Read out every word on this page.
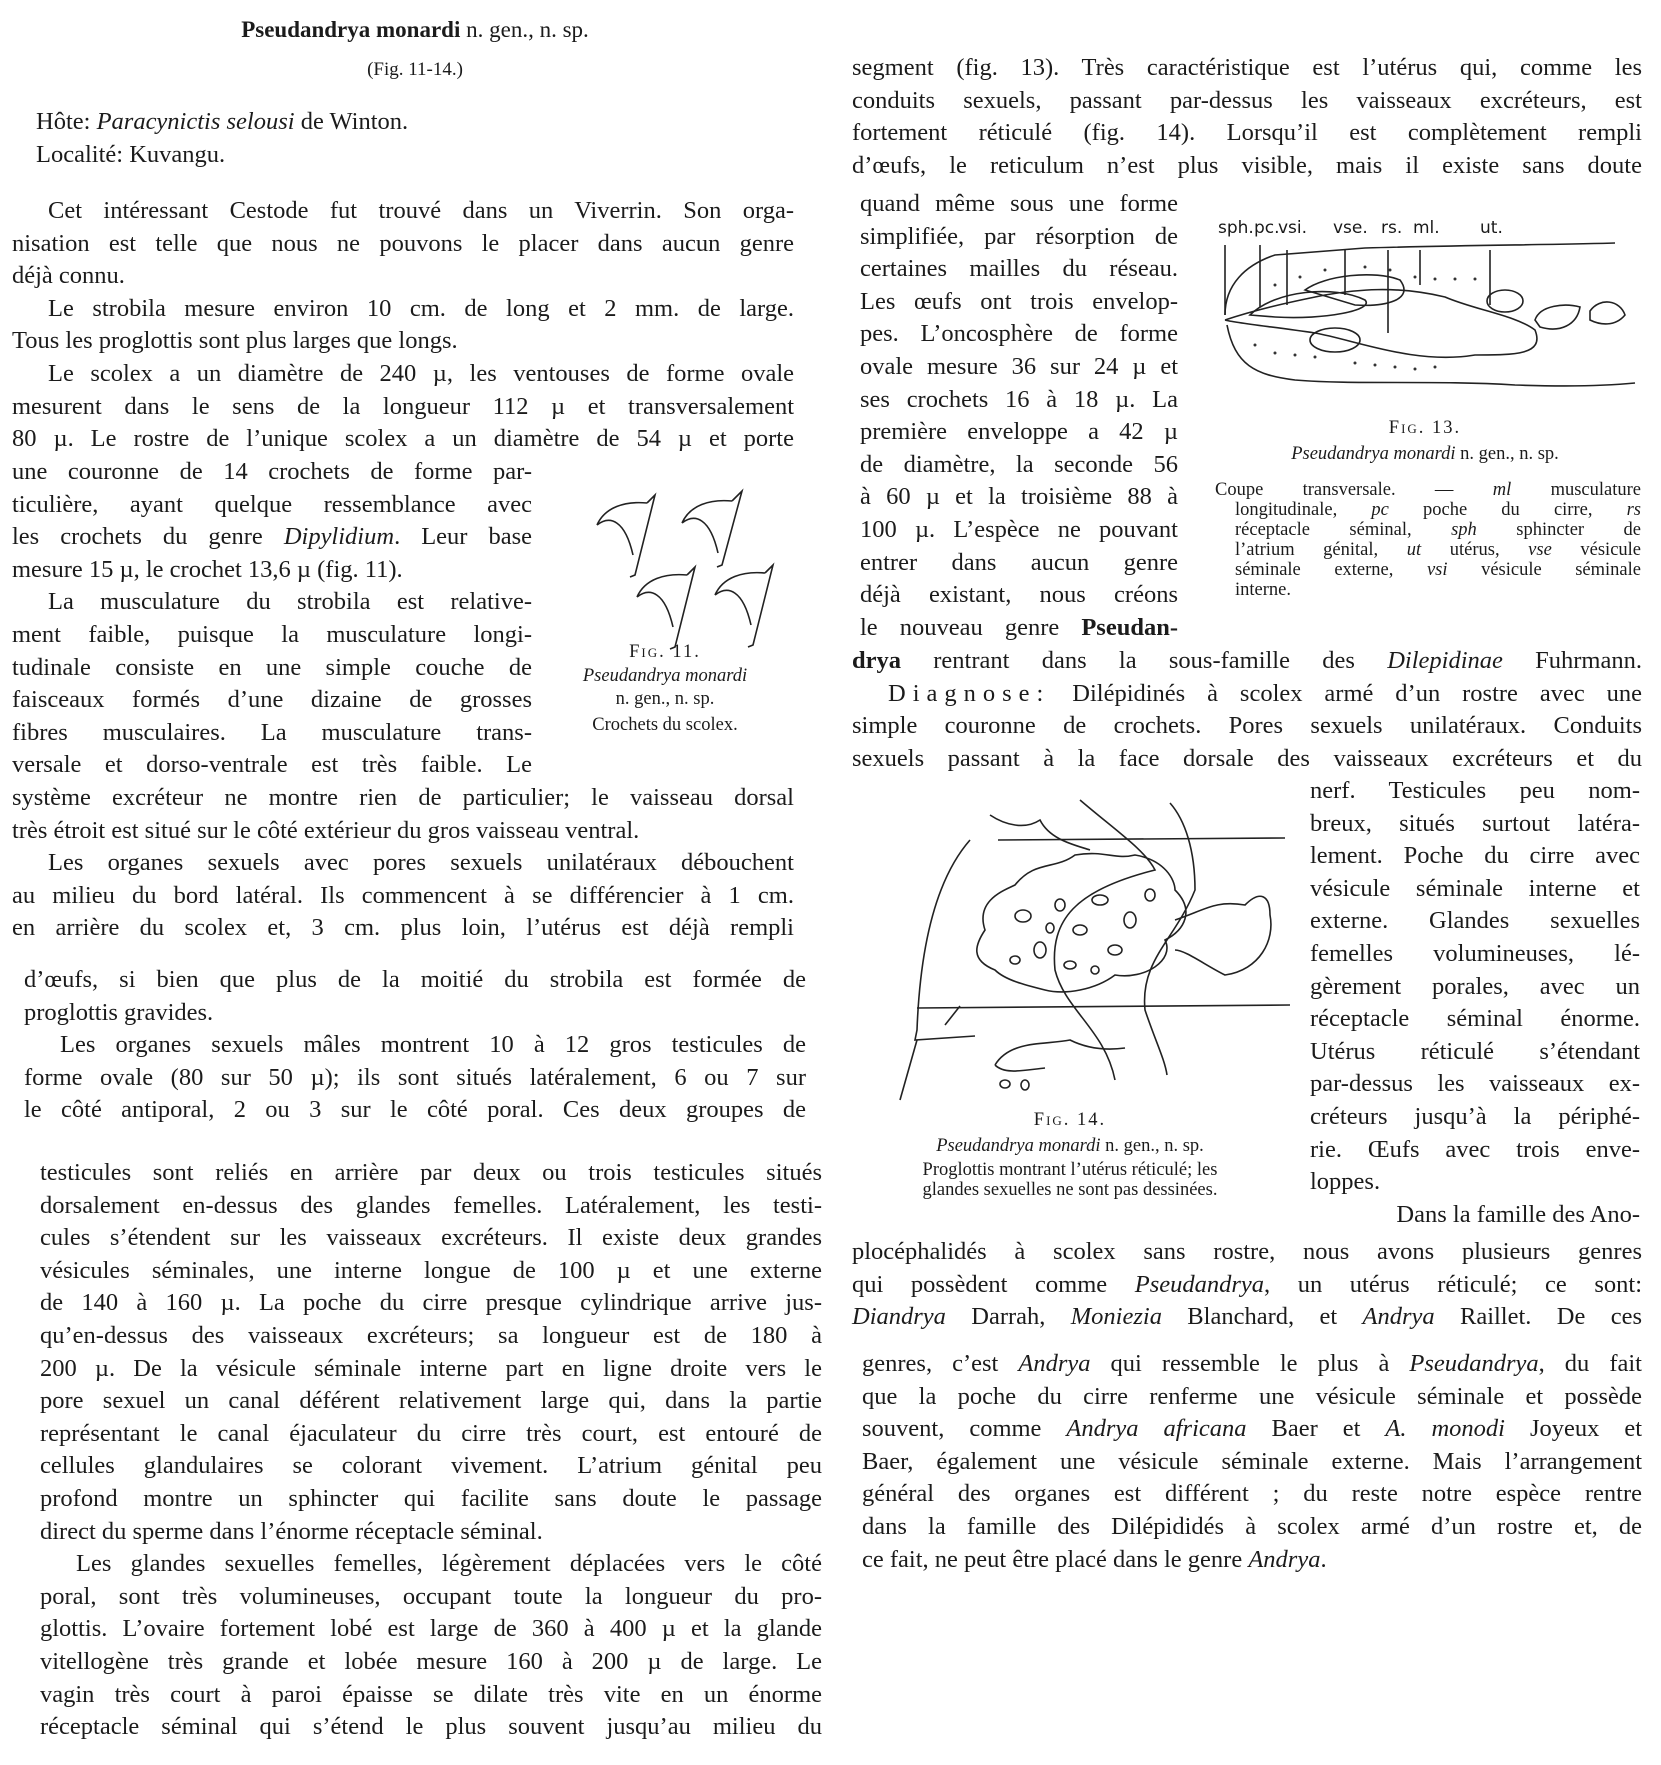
Pseudandrya monardi n. gen., n. sp.
(Fig. 11-14.)
Hôte: Paracynictis selousi de Winton.
Localité: Kuvangu.
Cet intéressant Cestode fut trouvé dans un Viverrin. Son orga-
nisation est telle que nous ne pouvons le placer dans aucun genre
déjà connu.
Le strobila mesure environ 10 cm. de long et 2 mm. de large.
Tous les proglottis sont plus larges que longs.
Le scolex a un diamètre de 240 µ, les ventouses de forme ovale
mesurent dans le sens de la longueur 112 µ et transversalement
80 µ. Le rostre de l’unique scolex a un diamètre de 54 µ et porte
une couronne de 14 crochets de forme par-
ticulière, ayant quelque ressemblance avec
les crochets du genre Dipylidium. Leur base
mesure 15 µ, le crochet 13,6 µ (fig. 11).
La musculature du strobila est relative-
ment faible, puisque la musculature longi-
tudinale consiste en une simple couche de
faisceaux formés d’une dizaine de grosses
fibres musculaires. La musculature trans-
versale et dorso-ventrale est très faible. Le
Fig. 11.
Pseudandrya monardi
n. gen., n. sp.
Crochets du scolex.
système excréteur ne montre rien de particulier; le vaisseau dorsal
très étroit est situé sur le côté extérieur du gros vaisseau ventral.
Les organes sexuels avec pores sexuels unilatéraux débouchent
au milieu du bord latéral. Ils commencent à se différencier à 1 cm.
en arrière du scolex et, 3 cm. plus loin, l’utérus est déjà rempli
d’œufs, si bien que plus de la moitié du strobila est formée de
proglottis gravides.
Les organes sexuels mâles montrent 10 à 12 gros testicules de
forme ovale (80 sur 50 µ); ils sont situés latéralement, 6 ou 7 sur
le côté antiporal, 2 ou 3 sur le côté poral. Ces deux groupes de
testicules sont reliés en arrière par deux ou trois testicules situés
dorsalement en-dessus des glandes femelles. Latéralement, les testi-
cules s’étendent sur les vaisseaux excréteurs. Il existe deux grandes
vésicules séminales, une interne longue de 100 µ et une externe
de 140 à 160 µ. La poche du cirre presque cylindrique arrive jus-
qu’en-dessus des vaisseaux excréteurs; sa longueur est de 180 à
200 µ. De la vésicule séminale interne part en ligne droite vers le
pore sexuel un canal déférent relativement large qui, dans la partie
représentant le canal éjaculateur du cirre très court, est entouré de
cellules glandulaires se colorant vivement. L’atrium génital peu
profond montre un sphincter qui facilite sans doute le passage
direct du sperme dans l’énorme réceptacle séminal.
Les glandes sexuelles femelles, légèrement déplacées vers le côté
poral, sont très volumineuses, occupant toute la longueur du pro-
glottis. L’ovaire fortement lobé est large de 360 à 400 µ et la glande
vitellogène très grande et lobée mesure 160 à 200 µ de large. Le
vagin très court à paroi épaisse se dilate très vite en un énorme
réceptacle séminal qui s’étend le plus souvent jusqu’au milieu du
segment (fig. 13). Très caractéristique est l’utérus qui, comme les
conduits sexuels, passant par-dessus les vaisseaux excréteurs, est
fortement réticulé (fig. 14). Lorsqu’il est complètement rempli
d’œufs, le reticulum n’est plus visible, mais il existe sans doute
quand même sous une forme
simplifiée, par résorption de
certaines mailles du réseau.
Les œufs ont trois envelop-
pes. L’oncosphère de forme
ovale mesure 36 sur 24 µ et
ses crochets 16 à 18 µ. La
première enveloppe a 42 µ
de diamètre, la seconde 56
à 60 µ et la troisième 88 à
100 µ. L’espèce ne pouvant
entrer dans aucun genre
déjà existant, nous créons
le nouveau genre Pseudan-
sph. pc.
vsi. vse. rs. ml. ut.
Fig. 13.
Pseudandrya monardi n. gen., n. sp.
Coupe transversale. — ml musculature
longitudinale, pc poche du cirre, rs
réceptacle séminal, sph sphincter de
l’atrium génital, ut utérus, vse vésicule
séminale externe, vsi vésicule séminale
interne.
drya rentrant dans la sous-famille des Dilepidinae Fuhrmann.
Diagnose: Dilépidinés à scolex armé d’un rostre avec une
simple couronne de crochets. Pores sexuels unilatéraux. Conduits
sexuels passant à la face dorsale des vaisseaux excréteurs et du
Fig. 14.
Pseudandrya monardi n. gen., n. sp.
Proglottis montrant l’utérus réticulé; les
glandes sexuelles ne sont pas dessinées.
nerf. Testicules peu nom-
breux, situés surtout latéra-
lement. Poche du cirre avec
vésicule séminale interne et
externe. Glandes sexuelles
femelles volumineuses, lé-
gèrement porales, avec un
réceptacle séminal énorme.
Utérus réticulé s’étendant
par-dessus les vaisseaux ex-
créteurs jusqu’à la périphé-
rie. Œufs avec trois enve-
loppes.
Dans la famille des Ano-
plocéphalidés à scolex sans rostre, nous avons plusieurs genres
qui possèdent comme Pseudandrya, un utérus réticulé; ce sont:
Diandrya Darrah, Moniezia Blanchard, et Andrya Raillet. De ces
genres, c’est Andrya qui ressemble le plus à Pseudandrya, du fait
que la poche du cirre renferme une vésicule séminale et possède
souvent, comme Andrya africana Baer et A. monodi Joyeux et
Baer, également une vésicule séminale externe. Mais l’arrangement
général des organes est différent ; du reste notre espèce rentre
dans la famille des Dilépididés à scolex armé d’un rostre et, de
ce fait, ne peut être placé dans le genre Andrya.
